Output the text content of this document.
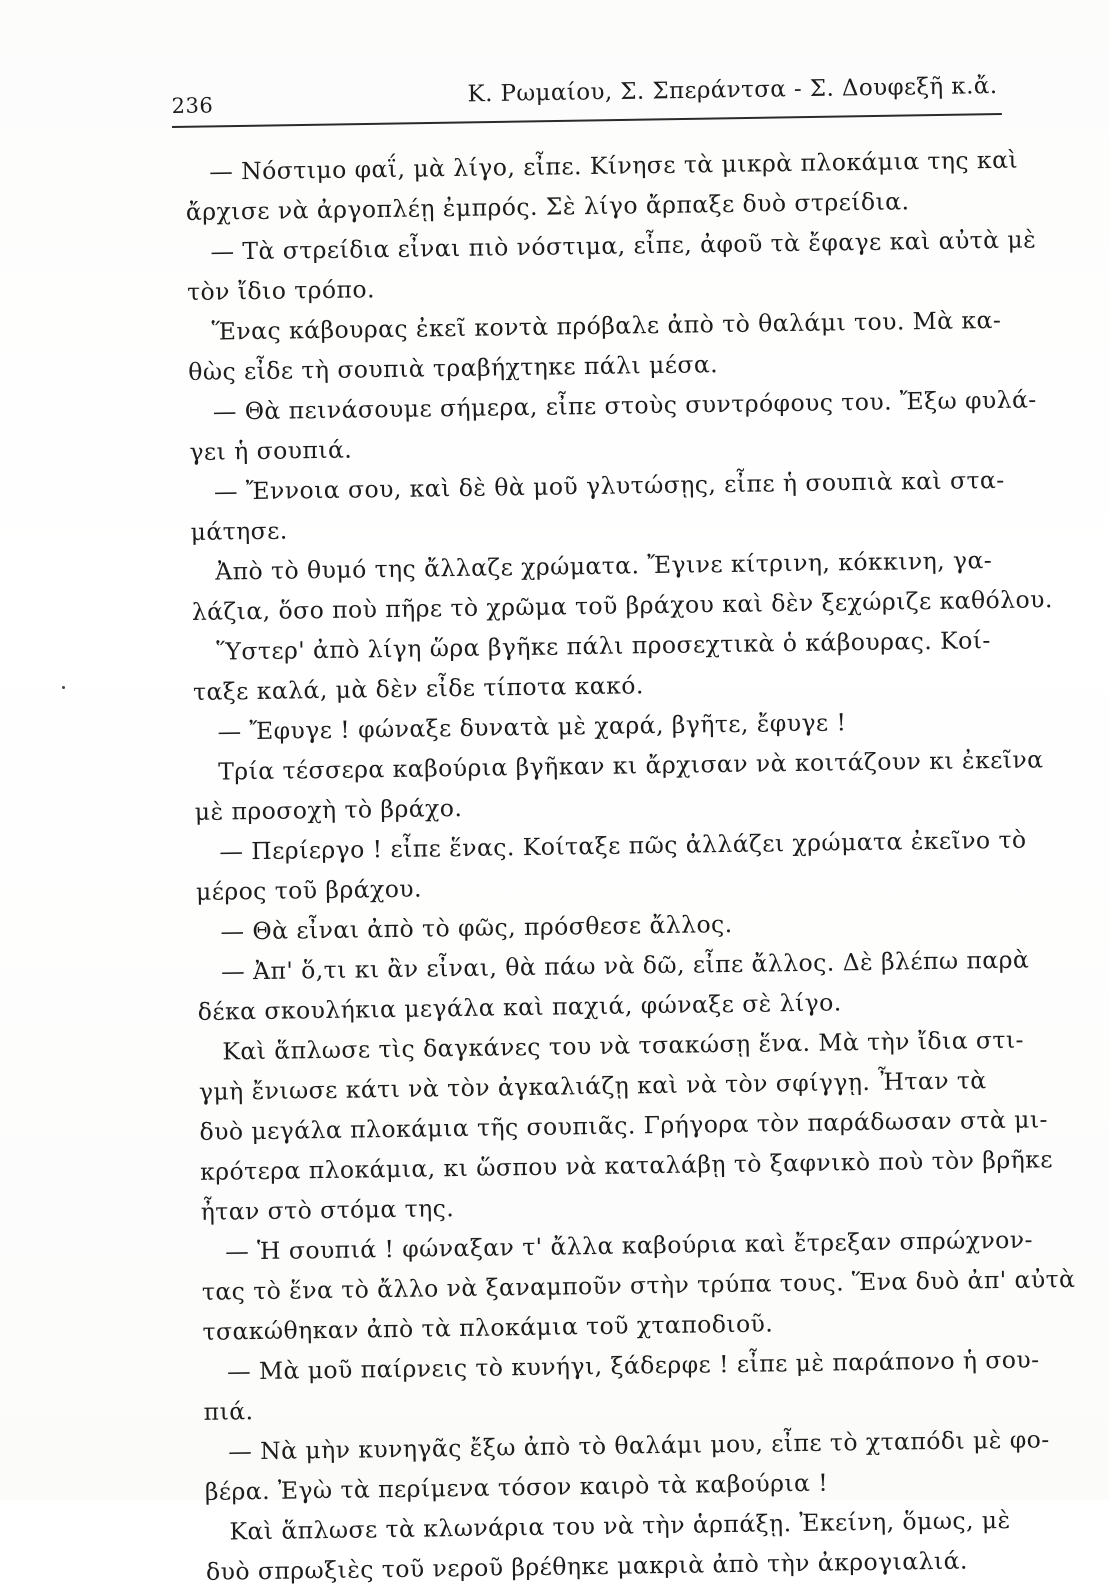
236	Κ. Ρωμαίου, Σ. Σπεράντσα - Σ. Δουφεξῆ κ.ἄ.
— Νόστιμο φαΐ, μὰ λίγο, εἶπε. Κίνησε τὰ μικρὰ πλοκάμια της καὶ
ἄρχισε νὰ ἀργοπλέῃ ἐμπρός. Σὲ λίγο ἄρπαξε δυὸ στρείδια.
— Τὰ στρείδια εἶναι πιὸ νόστιμα, εἶπε, ἀφοῦ τὰ ἔφαγε καὶ αὐτὰ μὲ
τὸν ἴδιο τρόπο.
Ἕνας κάβουρας ἐκεῖ κοντὰ πρόβαλε ἀπὸ τὸ θαλάμι του. Μὰ κα-
θὼς εἶδε τὴ σουπιὰ τραβήχτηκε πάλι μέσα.
— Θὰ πεινάσουμε σήμερα, εἶπε στοὺς συντρόφους του. Ἔξω φυλά-
γει ἡ σουπιά.
— Ἔννοια σου, καὶ δὲ θὰ μοῦ γλυτώσῃς, εἶπε ἡ σουπιὰ καὶ στα-
μάτησε.
Ἀπὸ τὸ θυμό της ἄλλαζε χρώματα. Ἔγινε κίτρινη, κόκκινη, γα-
λάζια, ὅσο ποὺ πῆρε τὸ χρῶμα τοῦ βράχου καὶ δὲν ξεχώριζε καθόλου.
Ὕστερ' ἀπὸ λίγη ὥρα βγῆκε πάλι προσεχτικὰ ὁ κάβουρας. Κοί-
ταξε καλά, μὰ δὲν εἶδε τίποτα κακό.
— Ἔφυγε ! φώναξε δυνατὰ μὲ χαρά, βγῆτε, ἔφυγε !
Τρία τέσσερα καβούρια βγῆκαν κι ἄρχισαν νὰ κοιτάζουν κι ἐκεῖνα
μὲ προσοχὴ τὸ βράχο.
— Περίεργο ! εἶπε ἕνας. Κοίταξε πῶς ἀλλάζει χρώματα ἐκεῖνο τὸ
μέρος τοῦ βράχου.
— Θὰ εἶναι ἀπὸ τὸ φῶς, πρόσθεσε ἄλλος.
— Ἀπ' ὅ,τι κι ἂν εἶναι, θὰ πάω νὰ δῶ, εἶπε ἄλλος. Δὲ βλέπω παρὰ
δέκα σκουλήκια μεγάλα καὶ παχιά, φώναξε σὲ λίγο.
Καὶ ἅπλωσε τὶς δαγκάνες του νὰ τσακώσῃ ἕνα. Μὰ τὴν ἴδια στι-
γμὴ ἔνιωσε κάτι νὰ τὸν ἀγκαλιάζῃ καὶ νὰ τὸν σφίγγῃ. Ἦταν τὰ
δυὸ μεγάλα πλοκάμια τῆς σουπιᾶς. Γρήγορα τὸν παράδωσαν στὰ μι-
κρότερα πλοκάμια, κι ὥσπου νὰ καταλάβῃ τὸ ξαφνικὸ ποὺ τὸν βρῆκε
ἦταν στὸ στόμα της.
— Ἡ σουπιά ! φώναξαν τ' ἄλλα καβούρια καὶ ἔτρεξαν σπρώχνον-
τας τὸ ἕνα τὸ ἄλλο νὰ ξαναμποῦν στὴν τρύπα τους. Ἕνα δυὸ ἀπ' αὐτὰ
τσακώθηκαν ἀπὸ τὰ πλοκάμια τοῦ χταποδιοῦ.
— Μὰ μοῦ παίρνεις τὸ κυνήγι, ξάδερφε ! εἶπε μὲ παράπονο ἡ σου-
πιά.
— Νὰ μὴν κυνηγᾶς ἔξω ἀπὸ τὸ θαλάμι μου, εἶπε τὸ χταπόδι μὲ φο-
βέρα. Ἐγὼ τὰ περίμενα τόσον καιρὸ τὰ καβούρια !
Καὶ ἅπλωσε τὰ κλωνάρια του νὰ τὴν ἁρπάξῃ. Ἐκείνη, ὅμως, μὲ
δυὸ σπρωξιὲς τοῦ νεροῦ βρέθηκε μακριὰ ἀπὸ τὴν ἀκρογιαλιά.
